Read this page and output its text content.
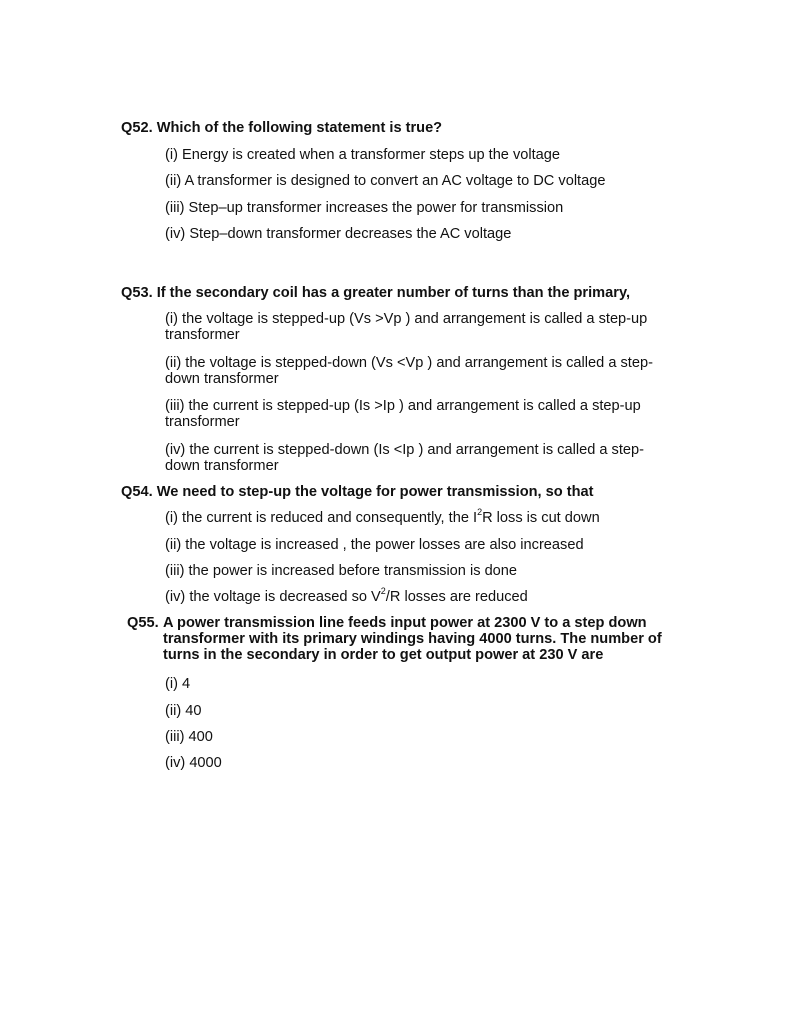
Q52. Which of the following statement is true?
(i) Energy is created when a transformer steps up the voltage
(ii) A transformer is designed to convert an AC voltage to DC voltage
(iii) Step–up transformer increases the power for transmission
(iv) Step–down transformer decreases the AC voltage
Q53. If the secondary coil has a greater number of turns than the primary,
(i) the voltage is stepped-up (Vs >Vp ) and arrangement is called a step-up
transformer
(ii) the voltage is stepped-down (Vs <Vp ) and arrangement is called a step-
down transformer
(iii) the current is stepped-up (Is >Ip ) and arrangement is called a step-up
transformer
(iv) the current is stepped-down (Is <Ip ) and arrangement is called a step-
down transformer
Q54. We need to step-up the voltage for power transmission, so that
(i) the current is reduced and consequently, the $I^2R$ loss is cut down
(ii) the voltage is increased , the power losses are also increased
(iii) the power is increased before transmission is done
(iv) the voltage is decreased so $V^2/R$ losses are reduced
Q55. A power transmission line feeds input power at 2300 V to a step down
transformer with its primary windings having 4000 turns. The number of
turns in the secondary in order to get output power at 230 V are
(i) 4
(ii) 40
(iii) 400
(iv) 4000
